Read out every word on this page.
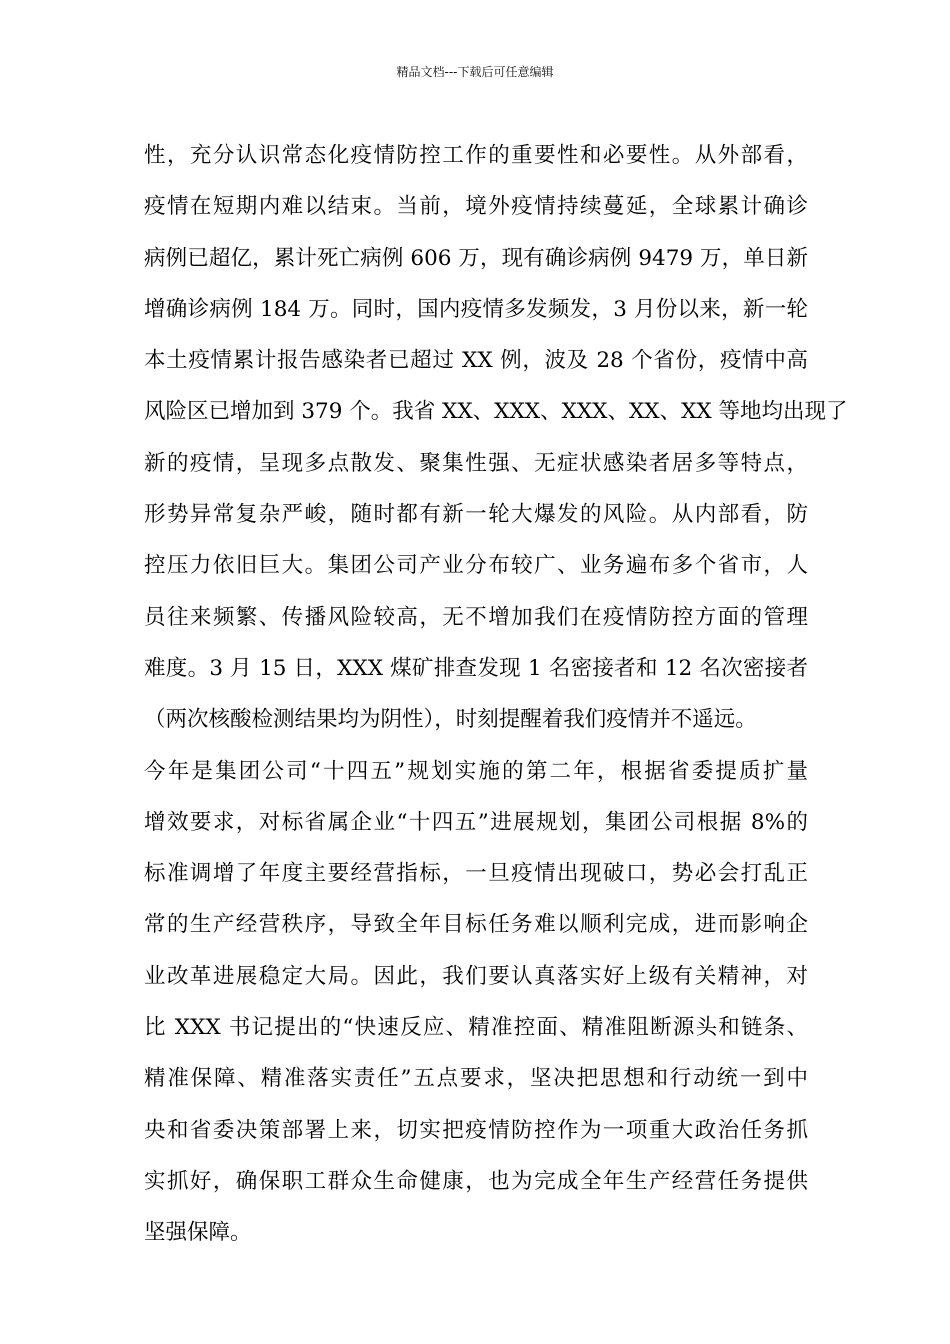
精品文档---下载后可任意编辑
性，充分认识常态化疫情防控工作的重要性和必要性。从外部看，
疫情在短期内难以结束。当前，境外疫情持续蔓延，全球累计确诊
病例已超亿，累计死亡病例 606 万，现有确诊病例 9479 万，单日新
增确诊病例 184 万。同时，国内疫情多发频发，3 月份以来，新一轮
本土疫情累计报告感染者已超过 XX 例，波及 28 个省份，疫情中高
风险区已增加到 379 个。我省 XX、XXX、XXX、XX、XX 等地均出现了
新的疫情，呈现多点散发、聚集性强、无症状感染者居多等特点，
形势异常复杂严峻，随时都有新一轮大爆发的风险。从内部看，防
控压力依旧巨大。集团公司产业分布较广、业务遍布多个省市，人
员往来频繁、传播风险较高，无不增加我们在疫情防控方面的管理
难度。3 月 15 日，XXX 煤矿排查发现 1 名密接者和 12 名次密接者
（两次核酸检测结果均为阴性），时刻提醒着我们疫情并不遥远。
今年是集团公司“十四五”规划实施的第二年，根据省委提质扩量
增效要求，对标省属企业“十四五”进展规划，集团公司根据 8%的
标准调增了年度主要经营指标，一旦疫情出现破口，势必会打乱正
常的生产经营秩序，导致全年目标任务难以顺利完成，进而影响企
业改革进展稳定大局。因此，我们要认真落实好上级有关精神，对
比 XXX 书记提出的“快速反应、精准控面、精准阻断源头和链条、
精准保障、精准落实责任”五点要求，坚决把思想和行动统一到中
央和省委决策部署上来，切实把疫情防控作为一项重大政治任务抓
实抓好，确保职工群众生命健康，也为完成全年生产经营任务提供
坚强保障。
